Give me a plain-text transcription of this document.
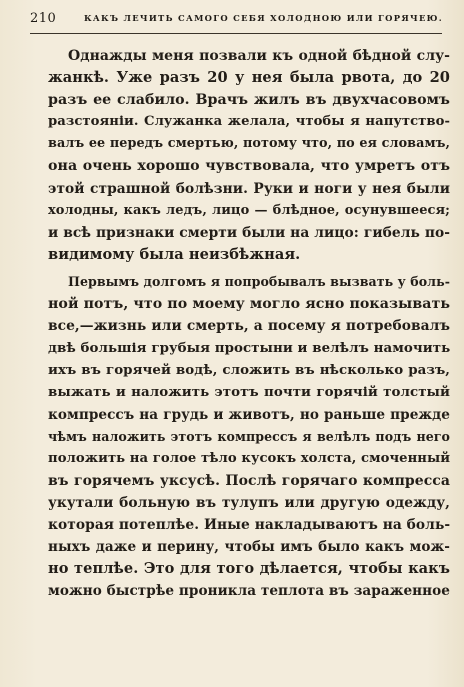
210	КАКЪ ЛЕЧИТЬ САМОГО СЕБЯ ХОЛОДНОЮ ИЛИ ГОРЯЧЕЮ.
Однажды меня позвали къ одной бѣдной слу-
жанкѣ. Уже разъ 20 у нея была рвота, до 20
разъ ее слабило. Врачъ жилъ въ двухчасовомъ
разстояніи. Служанка желала, чтобы я напутство-
валъ ее передъ смертью, потому что, по ея словамъ,
она очень хорошо чувствовала, что умретъ отъ
этой страшной болѣзни. Руки и ноги у нея были
холодны, какъ ледъ, лицо — блѣдное, осунувшееся;
и всѣ признаки смерти были на лицо: гибель по-
видимому была неизбѣжная.
Первымъ долгомъ я попробывалъ вызвать у боль-
ной потъ, что по моему могло ясно показывать
все,—жизнь или смерть, а посему я потребовалъ
двѣ большія грубыя простыни и велѣлъ намочить
ихъ въ горячей водѣ, сложить въ нѣсколько разъ,
выжать и наложить этотъ почти горячій толстый
компрессъ на грудь и животъ, но раньше прежде
чѣмъ наложить этотъ компрессъ я велѣлъ подъ него
положить на голое тѣло кусокъ холста, смоченный
въ горячемъ уксусѣ. Послѣ горячаго компресса
укутали больную въ тулупъ или другую одежду,
которая потеплѣе. Иные накладываютъ на боль-
ныхъ даже и перину, чтобы имъ было какъ мож-
но теплѣе. Это для того дѣлается, чтобы какъ
можно быстрѣе проникла теплота въ зараженное
